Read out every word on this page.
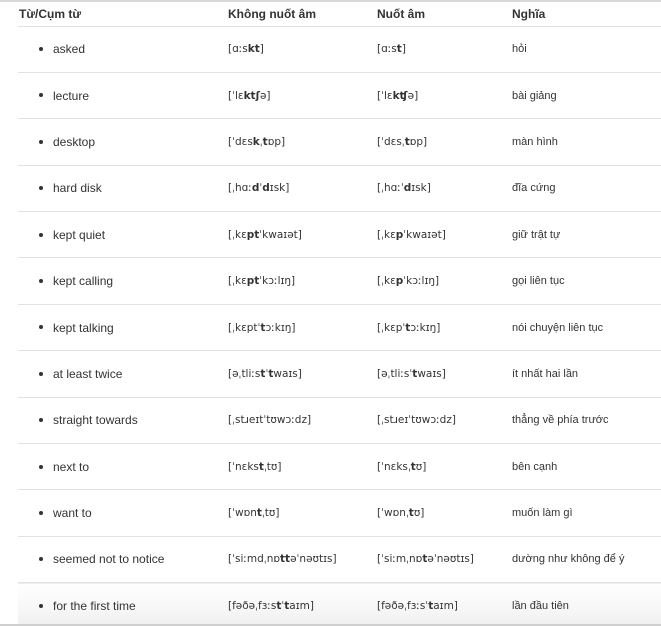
Từ/Cụm từ	Không nuốt âm	Nuốt âm	Nghĩa
asked	[ɑːskt]	[ɑːst]	hỏi
lecture	[ˈlɛktʃə]	[ˈlɛkʧə]	bài giảng
desktop	[ˈdɛskˌtɒp]	[ˈdɛsˌtɒp]	màn hình
hard disk	[ˌhɑːdˈdɪsk]	[ˌhɑːˈdɪsk]	đĩa cứng
kept quiet	[ˌkɛptˈkwaɪət]	[ˌkɛpˈkwaɪət]	giữ trật tự
kept calling	[ˌkɛptˈkɔːlɪŋ]	[ˌkɛpˈkɔːlɪŋ]	gọi liên tục
kept talking	[ˌkɛptˈtɔːkɪŋ]	[ˌkɛpˈtɔːkɪŋ]	nói chuyện liên tục
at least twice	[əˌtliːstˈtwaɪs]	[əˌtliːsˈtwaɪs]	ít nhất hai lần
straight towards	[ˌstɹeɪtˈtʊwɔːdz]	[ˌstɹeɪˈtʊwɔːdz]	thẳng về phía trước
next to	[ˈnɛkstˌtʊ]	[ˈnɛksˌtʊ]	bên cạnh
want to	[ˈwɒntˌtʊ]	[ˈwɒnˌtʊ]	muốn làm gì
seemed not to notice	[ˈsiːmdˌnɒttəˈnəʊtɪs]	[ˈsiːmˌnɒtəˈnəʊtɪs]	dường như không để ý
for the first time	[fəðəˌfɜːstˈtaɪm]	[fəðəˌfɜːsˈtaɪm]	lần đầu tiên
